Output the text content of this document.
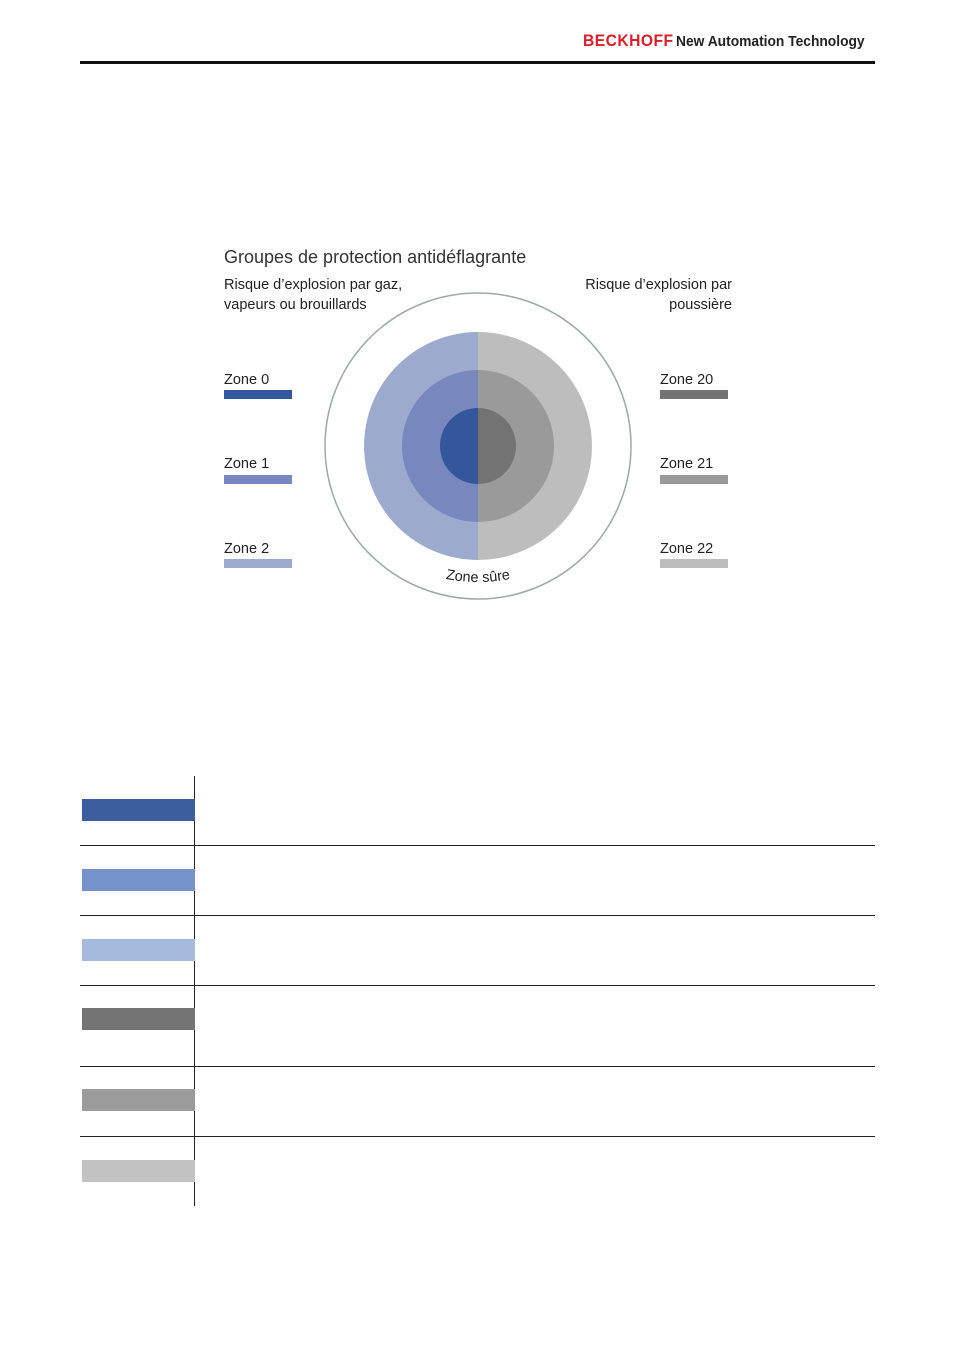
BECKHOFF New Automation Technology
Groupes de protection antidéflagrante
Risque d’explosion par gaz, vapeurs ou brouillards
Risque d’explosion par poussière
Zone 0
Zone 1
Zone 2
Zone 20
Zone 21
Zone 22
Zone sûre
